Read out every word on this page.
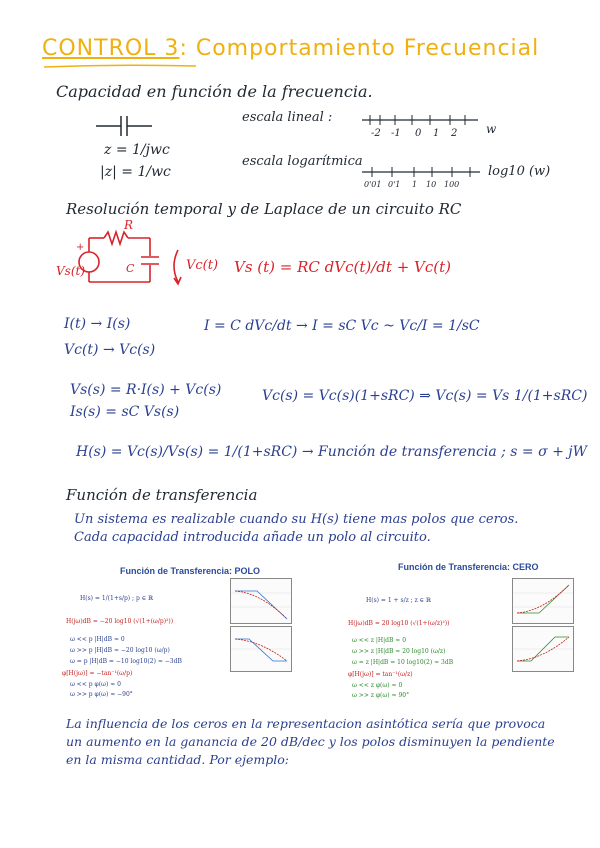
CONTROL 3: Comportamiento Frecuencial
Capacidad en función de la frecuencia.
z = 1/jwc
|z| = 1/wc
escala lineal :
-2 -1 0 1 2 w
escala logarítmica
0'01 0'1 1 10 100
log10 (w)
Resolución temporal y de Laplace de un circuito RC
R
C
+
Vs(t)	Vc(t) Vs (t) = RC dVc(t)/dt + Vc(t)
I(t) → I(s)
Vc(t) → Vc(s)
I = C dVc/dt → I = sC Vc ~ Vc/I = 1/sC
Vs(s) = R·I(s) + Vc(s)
Is(s) = sC Vs(s)
Vc(s) = Vc(s)(1+sRC) ⇒ Vc(s) = Vs 1/(1+sRC)
H(s) = Vc(s)/Vs(s) = 1/(1+sRC) → Función de transferencia ; s = σ + jW
Función de transferencia
Un sistema es realizable cuando su H(s) tiene mas polos que ceros.
Cada capacidad introducida añade un polo al circuito.
Función de Transferencia: POLO
H(s) = 1/(1+s/p) ; p ∈ ℝ
H(jω)dB = −20 log10 (√(1+(ω/p)²))
ω << p |H|dB ≈ 0
ω >> p |H|dB ≈ −20 log10 (ω/p)
ω = p |H|dB = −10 log10(2) ≈ −3dB
φ[H(jω)] = −tan⁻¹(ω/p)
ω << p φ(ω) ≈ 0
ω >> p φ(ω) ≈ −90°
Función de Transferencia: CERO
H(s) = 1 + s/z ; z ∈ ℝ
H(jω)dB = 20 log10 (√(1+(ω/z)²))
ω << z |H|dB ≈ 0
ω >> z |H|dB ≈ 20 log10 (ω/z)
ω = z |H|dB = 10 log10(2) ≈ 3dB
φ[H(jω)] = tan⁻¹(ω/z)
ω << z φ(ω) ≈ 0
ω >> z φ(ω) ≈ 90°
La influencia de los ceros en la representacion asintótica sería que provoca
un aumento en la ganancia de 20 dB/dec y los polos disminuyen la pendiente
en la misma cantidad. Por ejemplo:
